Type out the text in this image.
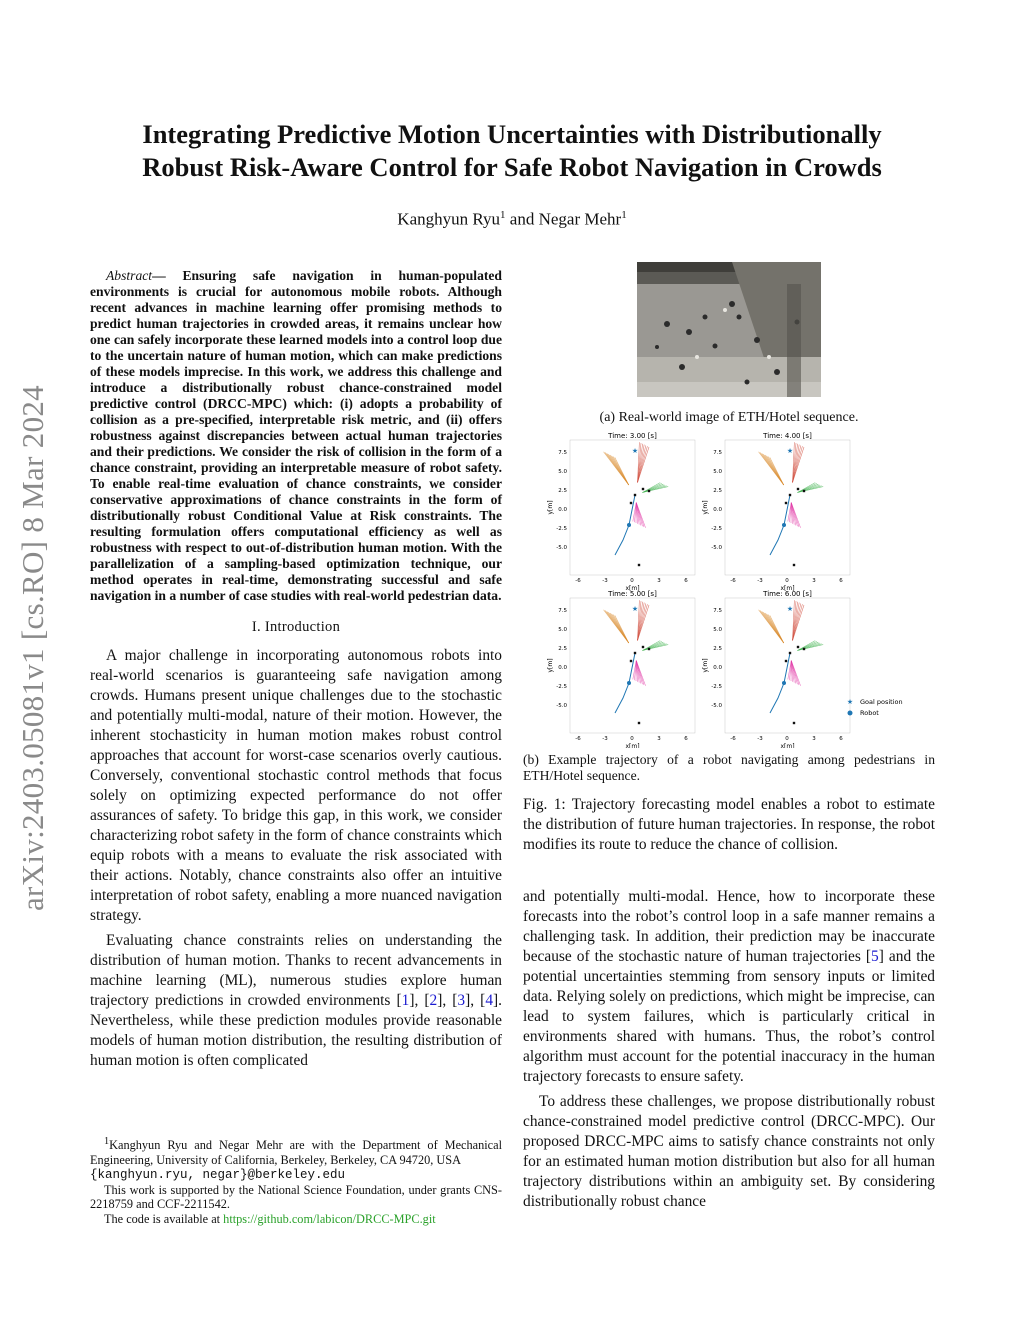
arXiv:2403.05081v1 [cs.RO] 8 Mar 2024
Integrating Predictive Motion Uncertainties with Distributionally
Robust Risk-Aware Control for Safe Robot Navigation in Crowds
Kanghyun Ryu$^1$ and Negar Mehr$^1$

Abstract— Ensuring safe navigation in human-populated environments is crucial for autonomous mobile robots. Although recent advances in machine learning offer promising methods to predict human trajectories in crowded areas, it remains unclear how one can safely incorporate these learned models into a control loop due to the uncertain nature of human motion, which can make predictions of these models imprecise. In this work, we address this challenge and introduce a distributionally robust chance-constrained model predictive control (DRCC-MPC) which: (i) adopts a probability of collision as a pre-specified, interpretable risk metric, and (ii) offers robustness against discrepancies between actual human trajectories and their predictions. We consider the risk of collision in the form of a chance constraint, providing an interpretable measure of robot safety. To enable real-time evaluation of chance constraints, we consider conservative approximations of chance constraints in the form of distributionally robust Conditional Value at Risk constraints. The resulting formulation offers computational efficiency as well as robustness with respect to out-of-distribution human motion. With the parallelization of a sampling-based optimization technique, our method operates in real-time, demonstrating successful and safe navigation in a number of case studies with real-world pedestrian data.

I. Introduction

A major challenge in incorporating autonomous robots into real-world scenarios is guaranteeing safe navigation among crowds. Humans present unique challenges due to the stochastic and potentially multi-modal, nature of their motion. However, the inherent stochasticity in human motion makes robust control approaches that account for worst-case scenarios overly cautious. Conversely, conventional stochastic control methods that focus solely on optimizing expected performance do not offer assurances of safety. To bridge this gap, in this work, we consider characterizing robot safety in the form of chance constraints which equip robots with a means to evaluate the risk associated with their actions. Notably, chance constraints also offer an intuitive interpretation of robot safety, enabling a more nuanced navigation strategy.

Evaluating chance constraints relies on understanding the distribution of human motion. Thanks to recent advancements in machine learning (ML), numerous studies explore human trajectory predictions in crowded environments [1], [2], [3], [4]. Nevertheless, while these prediction modules provide reasonable models of human motion distribution, the resulting distribution of human motion is often complicated

$^1$Kanghyun Ryu and Negar Mehr are with the Department of Mechanical Engineering, University of California, Berkeley, Berkeley, CA 94720, USA
{kanghyun.ryu, negar}@berkeley.edu

This work is supported by the National Science Foundation, under grants CNS-2218759 and CCF-2211542.

The code is available at https://github.com/labicon/DRCC-MPC.git

(a) Real-world image of ETH/Hotel sequence.
Time: 3.00 [s]
7.5
5.0
2.5
0.0
-2.5
-5.0
-6	-3	0	3	6
x[m]
y[m]
★
Time: 4.00 [s]
7.5
5.0
2.5
0.0
-2.5
-5.0
-6	-3	0	3	6
x[m]
y[m]
★
Time: 5.00 [s]
7.5
5.0
2.5
0.0
-2.5
-5.0
-6	-3	0	3	6
x[m]
y[m]
★
Time: 6.00 [s]
7.5
5.0
2.5
0.0
-2.5
-5.0
-6	-3	0	3	6
x[m]
y[m]
★
★ Goal position
Robot
(b) Example trajectory of a robot navigating among pedestrians in ETH/Hotel sequence.
Fig. 1: Trajectory forecasting model enables a robot to estimate the distribution of future human trajectories. In response, the robot modifies its route to reduce the chance of collision.

and potentially multi-modal. Hence, how to incorporate these forecasts into the robot’s control loop in a safe manner remains a challenging task. In addition, their prediction may be inaccurate because of the stochastic nature of human trajectories [5] and the potential uncertainties stemming from sensory inputs or limited data. Relying solely on predictions, which might be imprecise, can lead to system failures, which is particularly critical in environments shared with humans. Thus, the robot’s control algorithm must account for the potential inaccuracy in the human trajectory forecasts to ensure safety.

To address these challenges, we propose distributionally robust chance-constrained model predictive control (DRCC-MPC). Our proposed DRCC-MPC aims to satisfy chance constraints not only for an estimated human motion distribution but also for all human trajectory distributions within an ambiguity set. By considering distributionally robust chance
